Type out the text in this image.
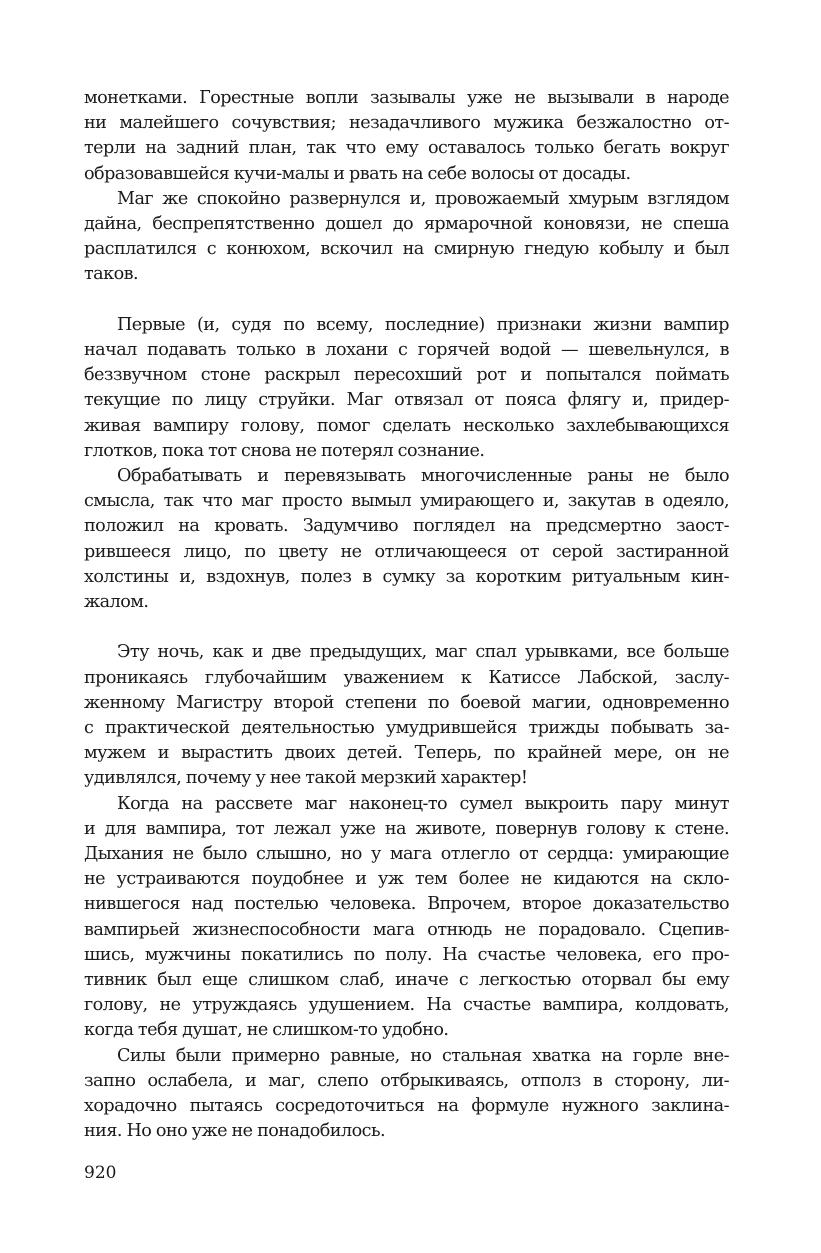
монетками. Горестные вопли зазывалы уже не вызывали в народе
ни малейшего сочувствия; незадачливого мужика безжалостно от-
терли на задний план, так что ему оставалось только бегать вокруг
образовавшейся кучи-малы и рвать на себе волосы от досады.

Маг же спокойно развернулся и, провожаемый хмурым взглядом
дайна, беспрепятственно дошел до ярмарочной коновязи, не спеша
расплатился с конюхом, вскочил на смирную гнедую кобылу и был
таков.

Первые (и, судя по всему, последние) признаки жизни вампир
начал подавать только в лохани с горячей водой — шевельнулся, в
беззвучном стоне раскрыл пересохший рот и попытался поймать
текущие по лицу струйки. Маг отвязал от пояса флягу и, придер-
живая вампиру голову, помог сделать несколько захлебывающихся
глотков, пока тот снова не потерял сознание.

Обрабатывать и перевязывать многочисленные раны не было
смысла, так что маг просто вымыл умирающего и, закутав в одеяло,
положил на кровать. Задумчиво поглядел на предсмертно заост-
рившееся лицо, по цвету не отличающееся от серой застиранной
холстины и, вздохнув, полез в сумку за коротким ритуальным кин-
жалом.

Эту ночь, как и две предыдущих, маг спал урывками, все больше
проникаясь глубочайшим уважением к Катиссе Лабской, заслу-
женному Магистру второй степени по боевой магии, одновременно
с практической деятельностью умудрившейся трижды побывать за-
мужем и вырастить двоих детей. Теперь, по крайней мере, он не
удивлялся, почему у нее такой мерзкий характер!

Когда на рассвете маг наконец-то сумел выкроить пару минут
и для вампира, тот лежал уже на животе, повернув голову к стене.
Дыхания не было слышно, но у мага отлегло от сердца: умирающие
не устраиваются поудобнее и уж тем более не кидаются на скло-
нившегося над постелью человека. Впрочем, второе доказательство
вампирьей жизнеспособности мага отнюдь не порадовало. Сцепив-
шись, мужчины покатились по полу. На счастье человека, его про-
тивник был еще слишком слаб, иначе с легкостью оторвал бы ему
голову, не утруждаясь удушением. На счастье вампира, колдовать,
когда тебя душат, не слишком-то удобно.

Силы были примерно равные, но стальная хватка на горле вне-
запно ослабела, и маг, слепо отбрыкиваясь, отполз в сторону, ли-
хорадочно пытаясь сосредоточиться на формуле нужного заклина-
ния. Но оно уже не понадобилось.

920
